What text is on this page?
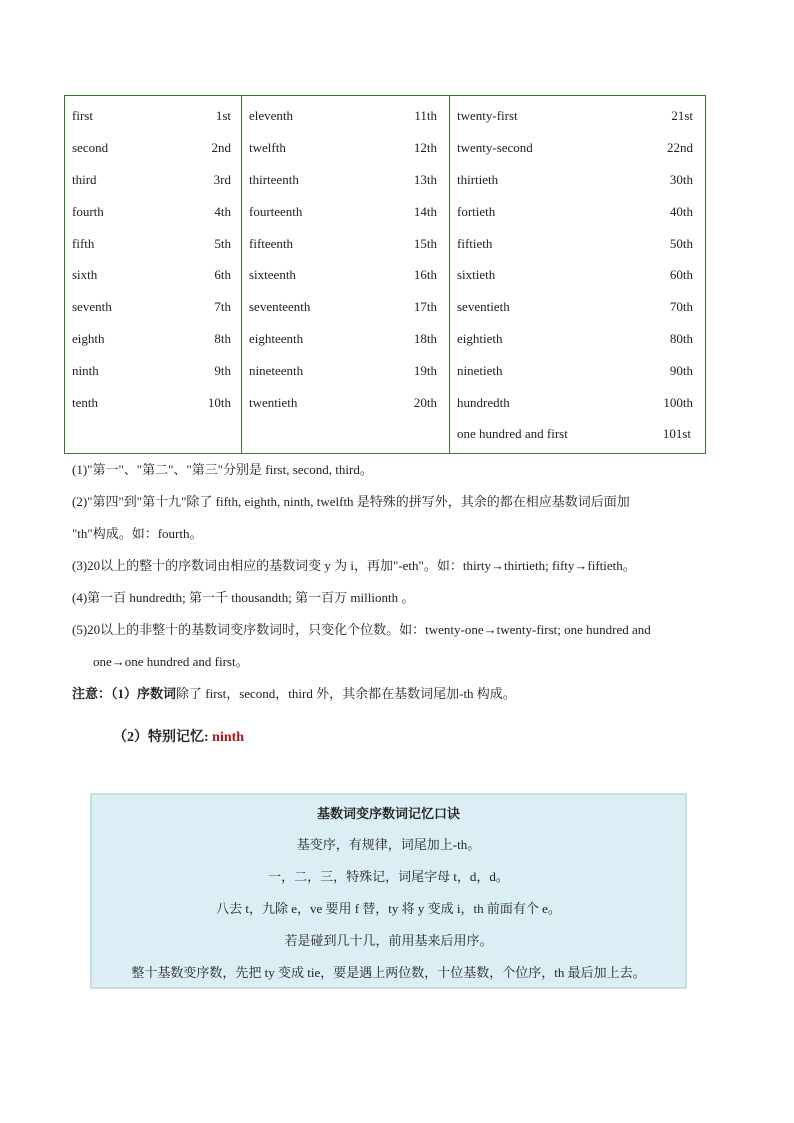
first	1st
second	2nd
third	3rd
fourth	4th
fifth	5th
sixth	6th
seventh	7th
eighth	8th
ninth	9th
tenth	10th
eleventh	11th
twelfth	12th
thirteenth	13th
fourteenth	14th
fifteenth	15th
sixteenth	16th
seventeenth	17th
eighteenth	18th
nineteenth	19th
twentieth	20th
twenty-first	21st
twenty-second	22nd
thirtieth	30th
fortieth	40th
fiftieth	50th
sixtieth	60th
seventieth	70th
eightieth	80th
ninetieth	90th
hundredth	100th
one hundred and first	101st
(1)"第一"、"第二"、"第三"分别是 first, second, third。
(2)"第四"到"第十九"除了 fifth, eighth, ninth, twelfth 是特殊的拼写外，其余的都在相应基数词后面加
"th"构成。如：fourth。
(3)20以上的整十的序数词由相应的基数词变 y 为 i，再加"-eth"。如：thirty→thirtieth; fifty→fiftieth。
(4)第一百 hundredth; 第一千 thousandth; 第一百万 millionth 。
(5)20以上的非整十的基数词变序数词时，只变化个位数。如：twenty-one→twenty-first; one hundred and
one→one hundred and first。
注意：（1）序数词除了 first，second，third 外，其余都在基数词尾加-th 构成。
（2）特别记忆: ninth
基数词变序数词记忆口诀
基变序，有规律，词尾加上-th。
一，二，三，特殊记，词尾字母 t，d，d。
八去 t，九除 e，ve 要用 f 替，ty 将 y 变成 i，th 前面有个 e。
若是碰到几十几，前用基来后用序。
整十基数变序数，先把 ty 变成 tie，要是遇上两位数，十位基数，个位序，th 最后加上去。
